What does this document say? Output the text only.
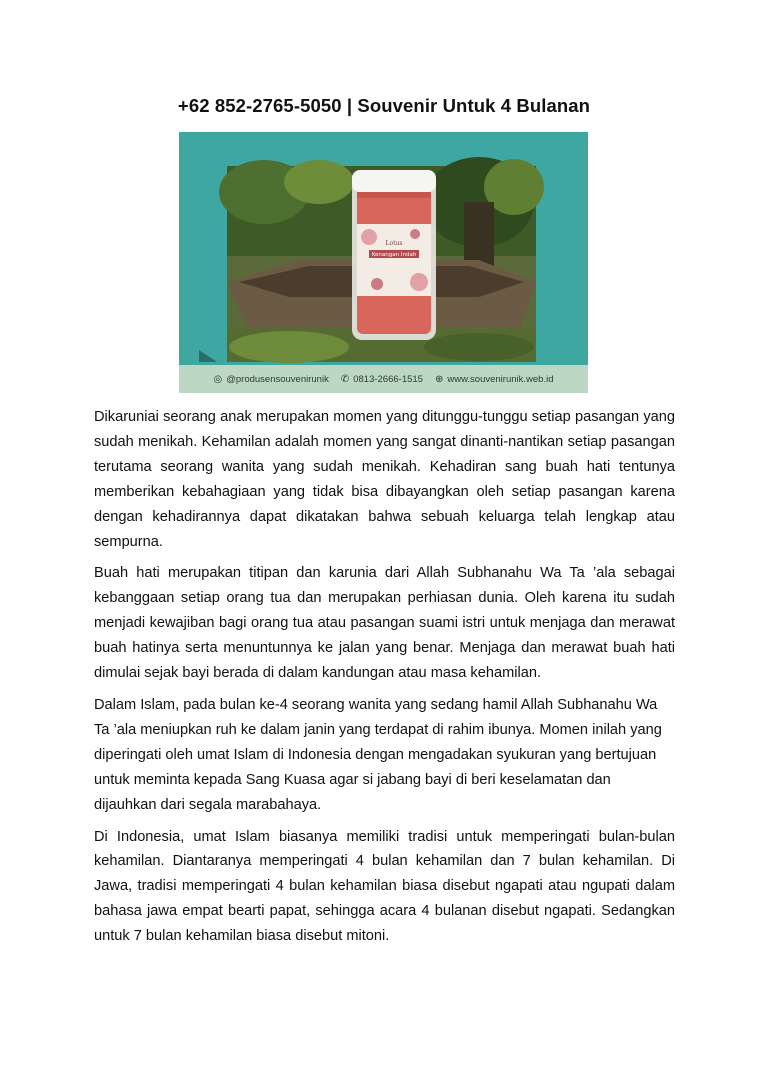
+62 852-2765-5050 | Souvenir Untuk 4 Bulanan
Lotus
Kenangan Indah
◎ @produsensouvenirunik ✆ 0813-2666-1515 ⊕ www.souvenirunik.web.id

Dikaruniai seorang anak merupakan momen yang ditunggu-tunggu setiap pasangan yang sudah menikah. Kehamilan adalah momen yang sangat dinanti-nantikan setiap pasangan terutama seorang wanita yang sudah menikah. Kehadiran sang buah hati tentunya memberikan kebahagiaan yang tidak bisa dibayangkan oleh setiap pasangan karena dengan kehadirannya dapat dikatakan bahwa sebuah keluarga telah lengkap atau sempurna.

Buah hati merupakan titipan dan karunia dari Allah Subhanahu Wa Ta ’ala sebagai kebanggaan setiap orang tua dan merupakan perhiasan dunia. Oleh karena itu sudah menjadi kewajiban bagi orang tua atau pasangan suami istri untuk menjaga dan merawat buah hatinya serta menuntunnya ke jalan yang benar. Menjaga dan merawat buah hati dimulai sejak bayi berada di dalam kandungan atau masa kehamilan.

Dalam Islam, pada bulan ke-4 seorang wanita yang sedang hamil Allah Subhanahu Wa Ta ’ala meniupkan ruh ke dalam janin yang terdapat di rahim ibunya. Momen inilah yang diperingati oleh umat Islam di Indonesia dengan mengadakan syukuran yang bertujuan untuk meminta kepada Sang Kuasa agar si jabang bayi di beri keselamatan dan dijauhkan dari segala marabahaya.

Di Indonesia, umat Islam biasanya memiliki tradisi untuk memperingati bulan-bulan kehamilan. Diantaranya memperingati 4 bulan kehamilan dan 7 bulan kehamilan. Di Jawa, tradisi memperingati 4 bulan kehamilan biasa disebut ngapati atau ngupati dalam bahasa jawa empat bearti papat, sehingga acara 4 bulanan disebut ngapati. Sedangkan untuk 7 bulan kehamilan biasa disebut mitoni.
